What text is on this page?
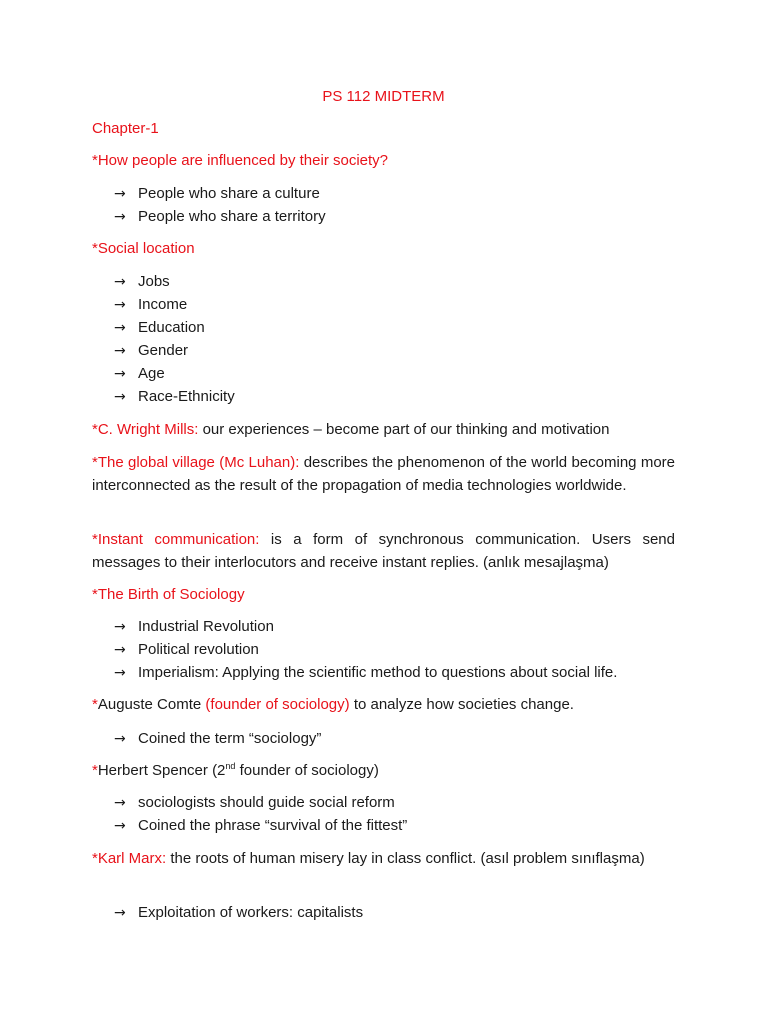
PS 112 MIDTERM
Chapter-1
*How people are influenced by their society?
→ People who share a culture
→ People who share a territory
*Social location
→ Jobs
→ Income
→ Education
→ Gender
→ Age
→ Race-Ethnicity
*C. Wright Mills: our experiences – become part of our thinking and motivation
*The global village (Mc Luhan): describes the phenomenon of the world becoming more interconnected as the result of the propagation of media technologies worldwide.
*Instant communication: is a form of synchronous communication. Users send messages to their interlocutors and receive instant replies. (anlık mesajlaşma)
*The Birth of Sociology
→ Industrial Revolution
→ Political revolution
→ Imperialism: Applying the scientific method to questions about social life.
*Auguste Comte (founder of sociology) to analyze how societies change.
→ Coined the term “sociology”
*Herbert Spencer (2nd founder of sociology)
→ sociologists should guide social reform
→ Coined the phrase “survival of the fittest”
*Karl Marx: the roots of human misery lay in class conflict. (asıl problem sınıflaşma)
→ Exploitation of workers: capitalists
